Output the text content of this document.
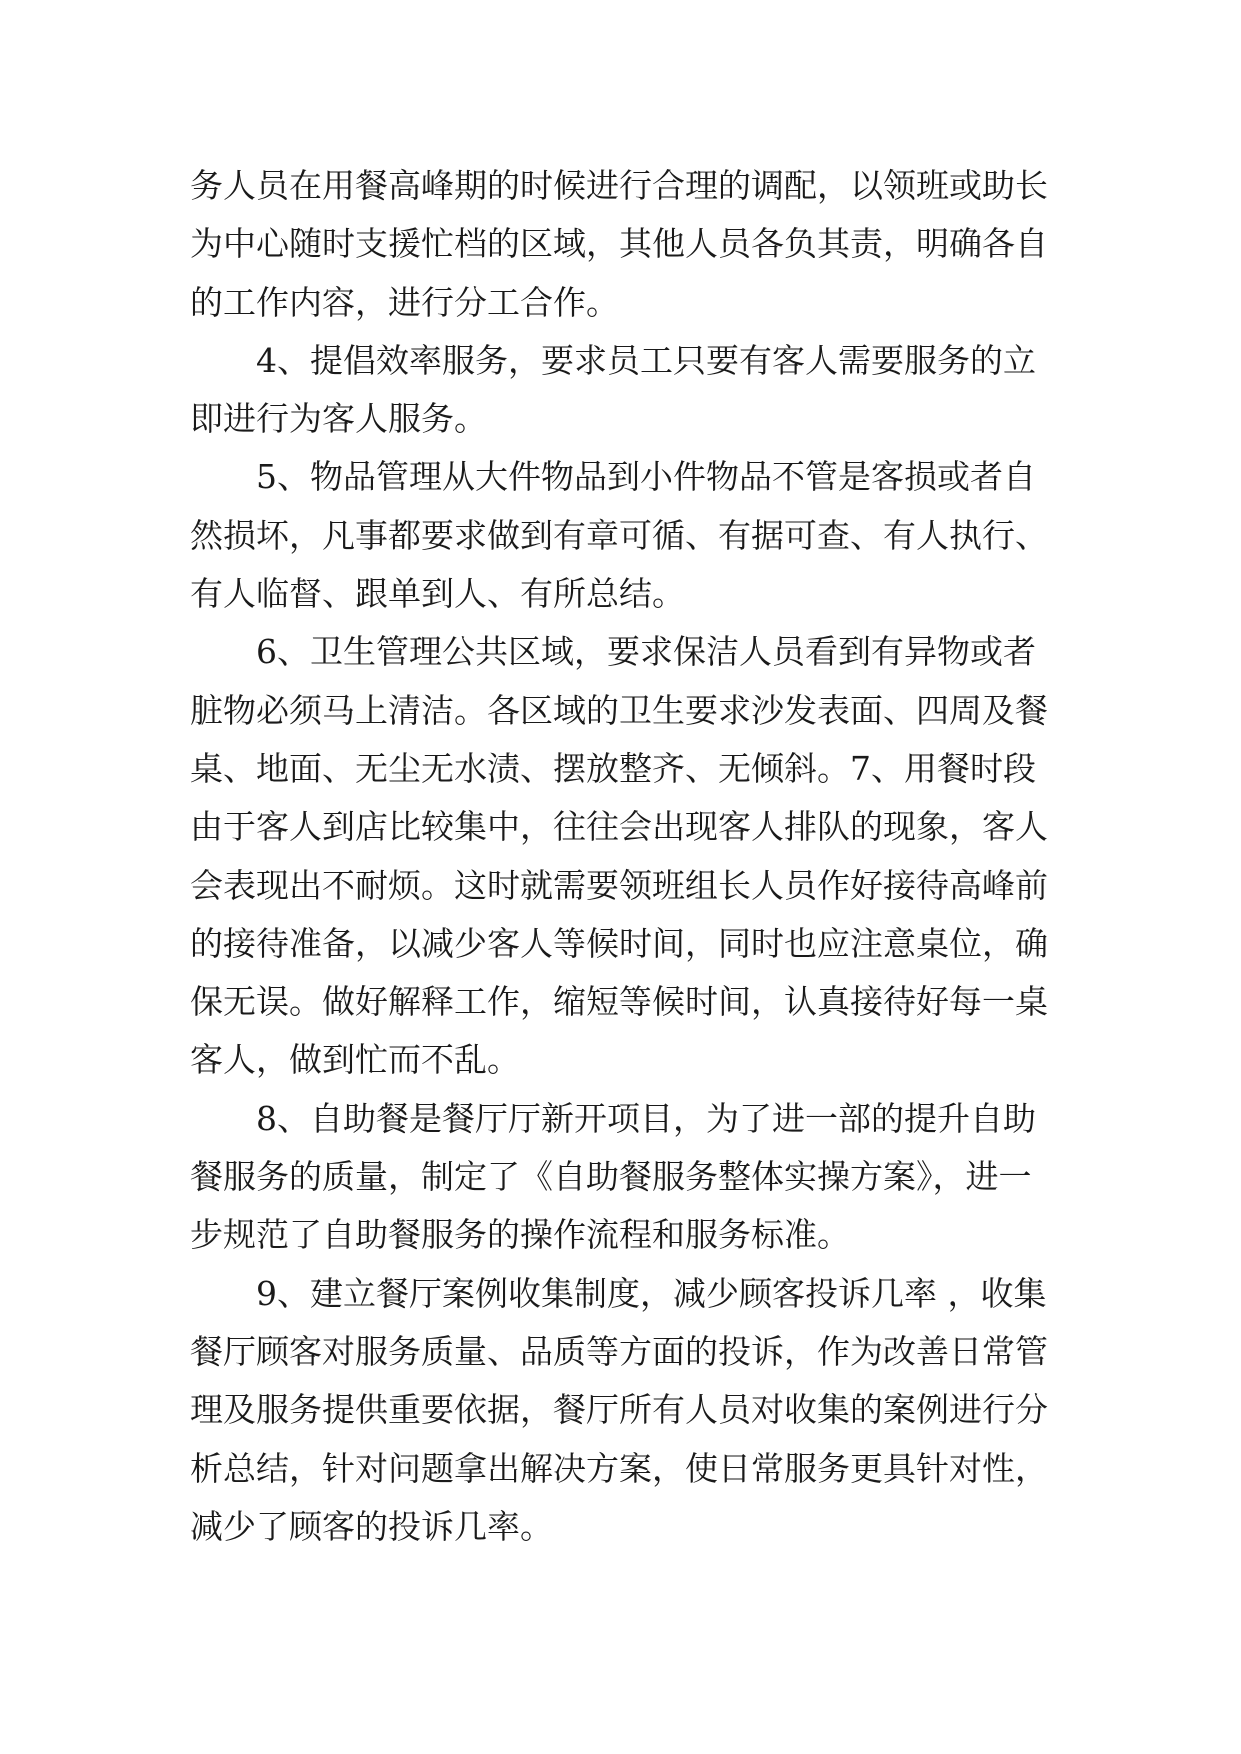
务人员在用餐高峰期的时候进行合理的调配，以领班或助长
为中心随时支援忙档的区域，其他人员各负其责，明确各自
的工作内容，进行分工合作。
4、提倡效率服务，要求员工只要有客人需要服务的立
即进行为客人服务。
5、物品管理从大件物品到小件物品不管是客损或者自
然损坏，凡事都要求做到有章可循、有据可查、有人执行、
有人临督、跟单到人、有所总结。
6、卫生管理公共区域，要求保洁人员看到有异物或者
脏物必须马上清洁。各区域的卫生要求沙发表面、四周及餐
桌、地面、无尘无水渍、摆放整齐、无倾斜。7、用餐时段
由于客人到店比较集中，往往会出现客人排队的现象，客人
会表现出不耐烦。这时就需要领班组长人员作好接待高峰前
的接待准备，以减少客人等候时间，同时也应注意桌位，确
保无误。做好解释工作，缩短等候时间，认真接待好每一桌
客人，做到忙而不乱。
8、自助餐是餐厅厅新开项目，为了进一部的提升自助
餐服务的质量，制定了《自助餐服务整体实操方案》，进一
步规范了自助餐服务的操作流程和服务标准。
9、建立餐厅案例收集制度，减少顾客投诉几率 ，收集
餐厅顾客对服务质量、品质等方面的投诉，作为改善日常管
理及服务提供重要依据，餐厅所有人员对收集的案例进行分
析总结，针对问题拿出解决方案，使日常服务更具针对性，
减少了顾客的投诉几率。
